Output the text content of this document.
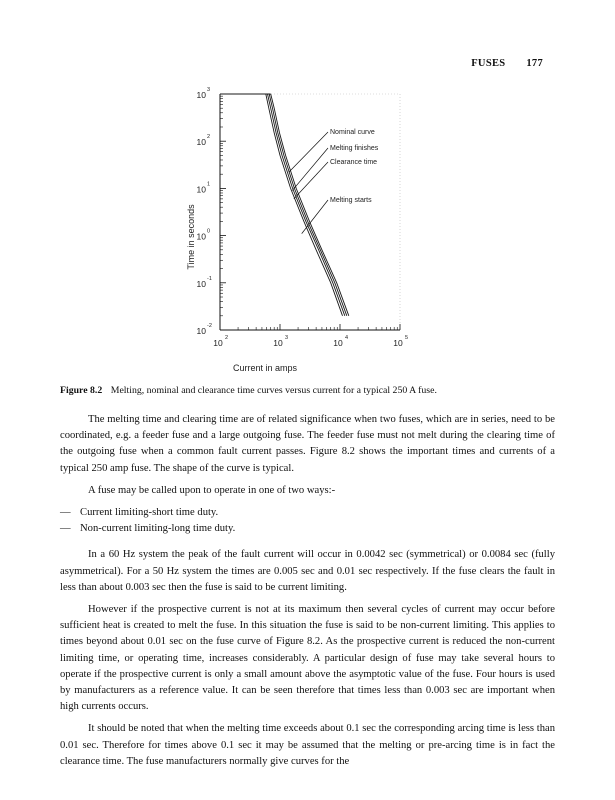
FUSES 177
10 3
10 2
10 1
10 0
10 -1
10 -2
10 2	10 3	10 4	10 5
Nominal curve
Melting finishes
Clearance time
Melting starts
Current in amps
Time in seconds
Figure 8.2 Melting, nominal and clearance time curves versus current for a typical 250 A fuse.

The melting time and clearing time are of related significance when two fuses, which are in series, need to be coordinated, e.g. a feeder fuse and a large outgoing fuse. The feeder fuse must not melt during the clearing time of the outgoing fuse when a common fault current passes. Figure 8.2 shows the important times and currents of a typical 250 amp fuse. The shape of the curve is typical.

A fuse may be called upon to operate in one of two ways:-

— Current limiting-short time duty.
— Non-current limiting-long time duty.

In a 60 Hz system the peak of the fault current will occur in 0.0042 sec (symmetrical) or 0.0084 sec (fully asymmetrical). For a 50 Hz system the times are 0.005 sec and 0.01 sec respectively. If the fuse clears the fault in less than about 0.003 sec then the fuse is said to be current limiting.

However if the prospective current is not at its maximum then several cycles of current may occur before sufficient heat is created to melt the fuse. In this situation the fuse is said to be non-current limiting. This applies to times beyond about 0.01 sec on the fuse curve of Figure 8.2. As the prospective current is reduced the non-current limiting time, or operating time, increases considerably. A particular design of fuse may take several hours to operate if the prospective current is only a small amount above the asymptotic value of the fuse. Four hours is used by manufacturers as a reference value. It can be seen therefore that times less than 0.003 sec are important when high currents occurs.

It should be noted that when the melting time exceeds about 0.1 sec the corresponding arcing time is less than 0.01 sec. Therefore for times above 0.1 sec it may be assumed that the melting or pre-arcing time is in fact the clearance time. The fuse manufacturers normally give curves for the
